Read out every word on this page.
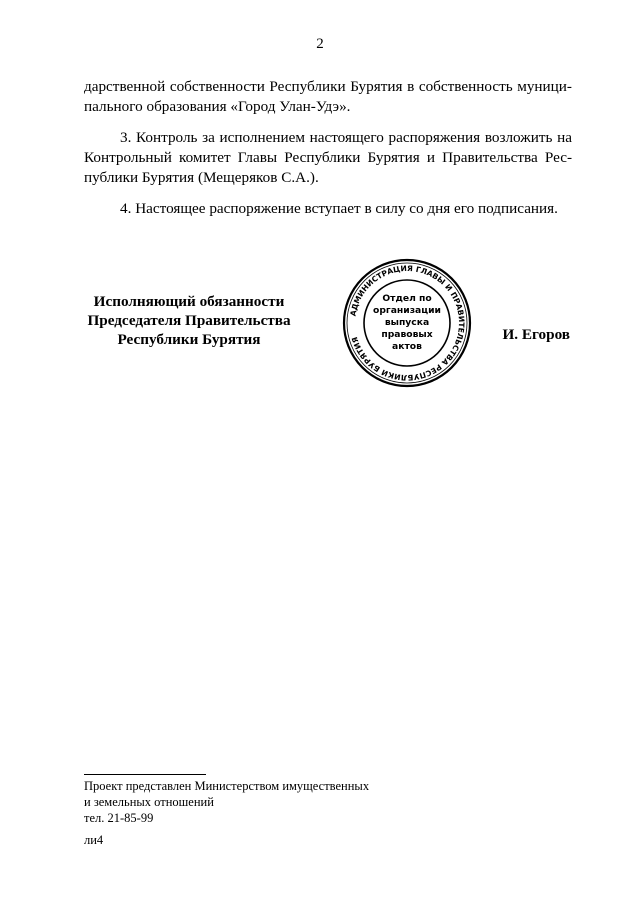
2
дарственной собственности Республики Бурятия в собственность муници-
пального образования «Город Улан-Удэ».
3. Контроль за исполнением настоящего распоряжения возложить на
Контрольный комитет Главы Республики Бурятия и Правительства Рес-
публики Бурятия (Мещеряков С.А.).
4. Настоящее распоряжение вступает в силу со дня его подписания.
Исполняющий обязанности
Председателя Правительства
Республики Бурятия
АДМИНИСТРАЦИЯ ГЛАВЫ И ПРАВИТЕЛЬСТВА РЕСПУБЛИКИ БУРЯТИЯ
Отдел по
организации
выпуска
правовых
актов
И. Егоров
Проект представлен Министерством имущественных
и земельных отношений
тел. 21-85-99
ли4
